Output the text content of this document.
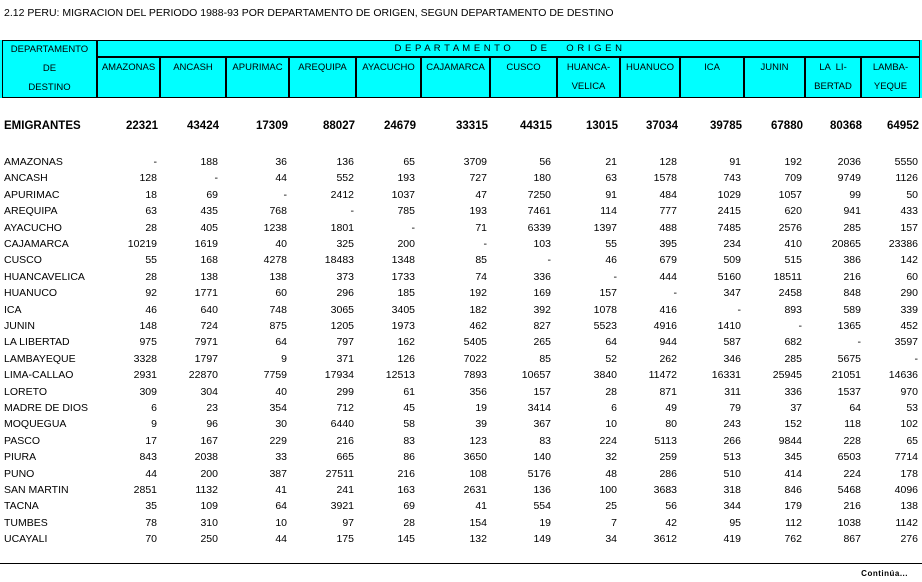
2.12 PERU: MIGRACION DEL PERIODO 1988-93 POR DEPARTAMENTO DE ORIGEN, SEGUN DEPARTAMENTO DE DESTINO
DEPARTAMENTO
DE
DESTINO
D E P A R T A M E N T O      D E      O R I G E N
AMAZONAS	ANCASH	APURIMAC	AREQUIPA	AYACUCHO	CAJAMARCA	CUSCO	HUANCA-
VELICA
HUANUCO	ICA	JUNIN	LA  LI-
BERTAD
LAMBA-
YEQUE
EMIGRANTES	22321	43424	17309	88027	24679	33315	44315	13015 37034	39785	67880 80368 64952
AMAZONAS	-	188	36	136	65	3709	56	21	128	91	192	2036	5550
ANCASH	128	-	44	552	193	727	180	63	1578	743	709	9749	1126
APURIMAC	18	69	-	2412	1037	47	7250	91	484	1029	1057	99	50
AREQUIPA	63	435	768	-	785	193	7461	114	777	2415	620	941	433
AYACUCHO	28	405	1238	1801	-	71	6339	1397	488	7485	2576	285	157
CAJAMARCA	10219	1619	40	325	200	-	103	55	395	234	410	20865	23386
CUSCO	55	168	4278	18483	1348	85	-	46	679	509	515	386	142
HUANCAVELICA	28	138	138	373	1733	74	336	-	444	5160	18511	216	60
HUANUCO	92	1771	60	296	185	192	169	157	-	347	2458	848	290
ICA	46	640	748	3065	3405	182	392	1078	416	-	893	589	339
JUNIN	148	724	875	1205	1973	462	827	5523	4916	1410	-	1365	452
LA LIBERTAD	975	7971	64	797	162	5405	265	64	944	587	682	-	3597
LAMBAYEQUE	3328	1797	9	371	126	7022	85	52	262	346	285	5675	-
LIMA-CALLAO	2931	22870	7759	17934	12513	7893	10657	3840	11472	16331	25945	21051	14636
LORETO	309	304	40	299	61	356	157	28	871	311	336	1537	970
MADRE DE DIOS	6	23	354	712	45	19	3414	6	49	79	37	64	53
MOQUEGUA	9	96	30	6440	58	39	367	10	80	243	152	118	102
PASCO	17	167	229	216	83	123	83	224	5113	266	9844	228	65
PIURA	843	2038	33	665	86	3650	140	32	259	513	345	6503	7714
PUNO	44	200	387	27511	216	108	5176	48	286	510	414	224	178
SAN MARTIN	2851	1132	41	241	163	2631	136	100	3683	318	846	5468	4096
TACNA	35	109	64	3921	69	41	554	25	56	344	179	216	138
TUMBES	78	310	10	97	28	154	19	7	42	95	112	1038	1142
UCAYALI	70	250	44	175	145	132	149	34	3612	419	762	867	276
Continúa...
